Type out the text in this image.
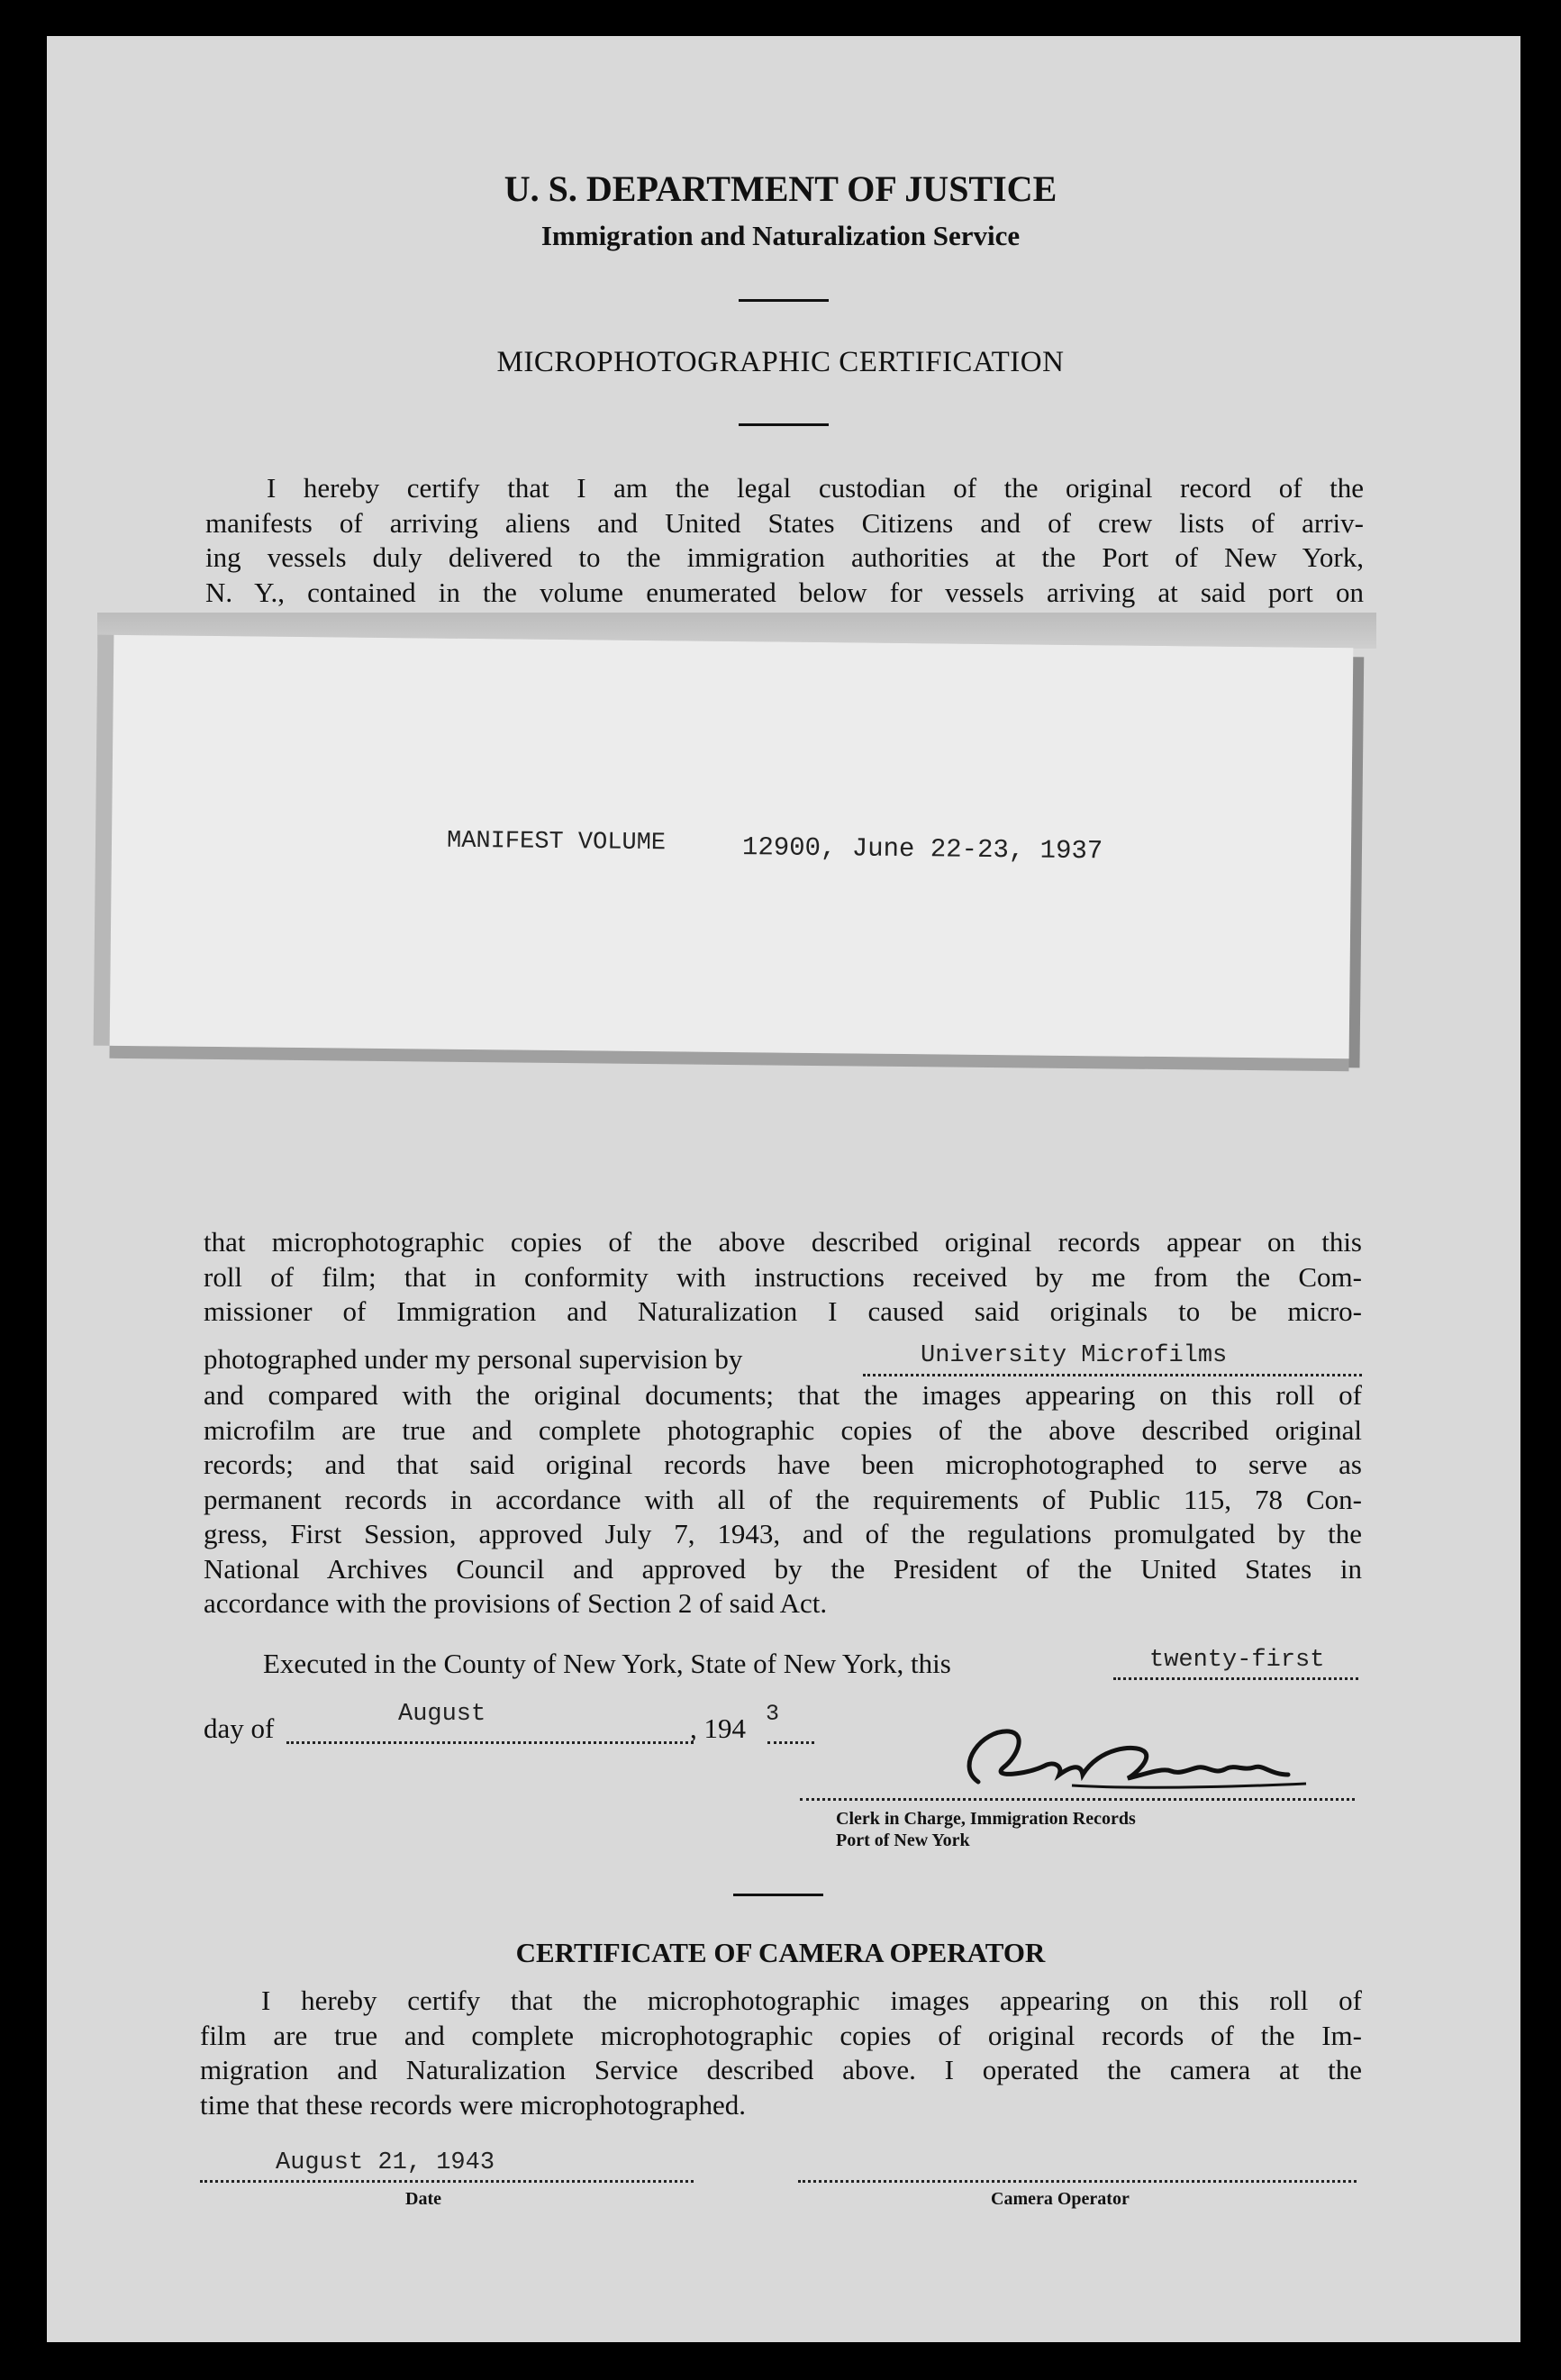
U. S. DEPARTMENT OF JUSTICE
Immigration and Naturalization Service
MICROPHOTOGRAPHIC CERTIFICATION
I hereby certify that I am the legal custodian of the original record of the
manifests of arriving aliens and United States Citizens and of crew lists of arriv-
ing vessels duly delivered to the immigration authorities at the Port of New York,
N. Y., contained in the volume enumerated below for vessels arriving at said port on
MANIFEST VOLUME	12900, June 22-23, 1937
that microphotographic copies of the above described original records appear on this
roll of film; that in conformity with instructions received by me from the Com-
missioner of Immigration and Naturalization I caused said originals to be micro-
photographed under my personal supervision by	University Microfilms
and compared with the original documents; that the images appearing on this roll of
microfilm are true and complete photographic copies of the above described original
records; and that said original records have been microphotographed to serve as
permanent records in accordance with all of the requirements of Public 115, 78 Con-
gress, First Session, approved July 7, 1943, and of the regulations promulgated by the
National Archives Council and approved by the President of the United States in
accordance with the provisions of Section 2 of said Act.
Executed in the County of New York, State of New York, this	twenty-first
day of	August	, 194 3
Clerk in Charge, Immigration Records
Port of New York
CERTIFICATE OF CAMERA OPERATOR
I hereby certify that the microphotographic images appearing on this roll of
film are true and complete microphotographic copies of original records of the Im-
migration and Naturalization Service described above. I operated the camera at the
time that these records were microphotographed.
August 21, 1943
Date	Camera Operator
